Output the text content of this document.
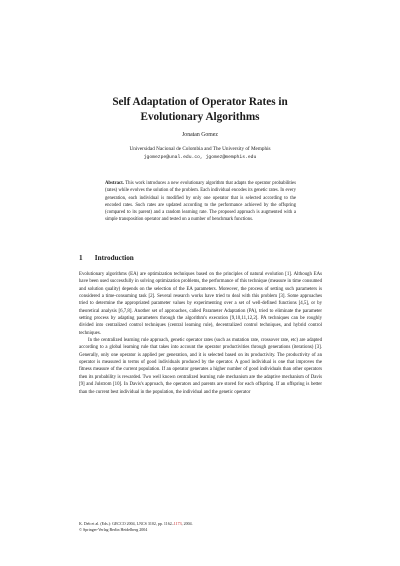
Self Adaptation of Operator Rates in
Evolutionary Algorithms
Jonatan Gomez
Universidad Nacional de Colombia and The University of Memphis
jgomezpe@unal.edu.co, jgomez@memphis.edu
Abstract. This work introduces a new evolutionary algorithm that adapts the operator probabilities (rates) while evolves the solution of the problem. Each individual encodes its genetic rates. In every generation, each individual is modified by only one operator that is selected according to the encoded rates. Such rates are updated according to the performance achieved by the offspring (compared to its parent) and a random learning rate. The proposed approach is augmented with a simple transposition operator and tested on a number of benchmark functions.
1 Introduction

Evolutionary algorithms (EA) are optimization techniques based on the principles of natural evolution [1]. Although EAs have been used successfully in solving optimization problems, the performance of this technique (measure in time consumed and solution quality) depends on the selection of the EA parameters. Moreover, the process of setting such parameters is considered a time-consuming task [2]. Several research works have tried to deal with this problem [3]. Some approaches tried to determine the appropriated parameter values by experimenting over a set of well-defined functions [4,5], or by theoretical analysis [6,7,8]. Another set of approaches, called Parameter Adaptation (PA), tried to eliminate the parameter setting process by adapting parameters through the algorithm's execution [9,10,11,12,2]. PA techniques can be roughly divided into centralized control techniques (central learning rule), decentralized control techniques, and hybrid control techniques.

In the centralized learning rule approach, genetic operator rates (such as mutation rate, crossover rate, etc) are adapted according to a global learning rule that takes into account the operator productivities through generations (iterations) [3]. Generally, only one operator is applied per generation, and it is selected based on its productivity. The productivity of an operator is measured in terms of good individuals produced by the operator. A good individual is one that improves the fitness measure of the current population. If an operator generates a higher number of good individuals than other operators then its probability is rewarded. Two well known centralized learning rule mechanism are the adaptive mechanism of Davis [9] and Julstrom [10]. In Davis's approach, the operators and parents are stored for each offspring. If an offspring is better than the current best individual in the population, the individual and the genetic operator

K. Deb et al. (Eds.): GECCO 2004, LNCS 3102, pp. 1162–1173, 2004.
© Springer-Verlag Berlin Heidelberg 2004
